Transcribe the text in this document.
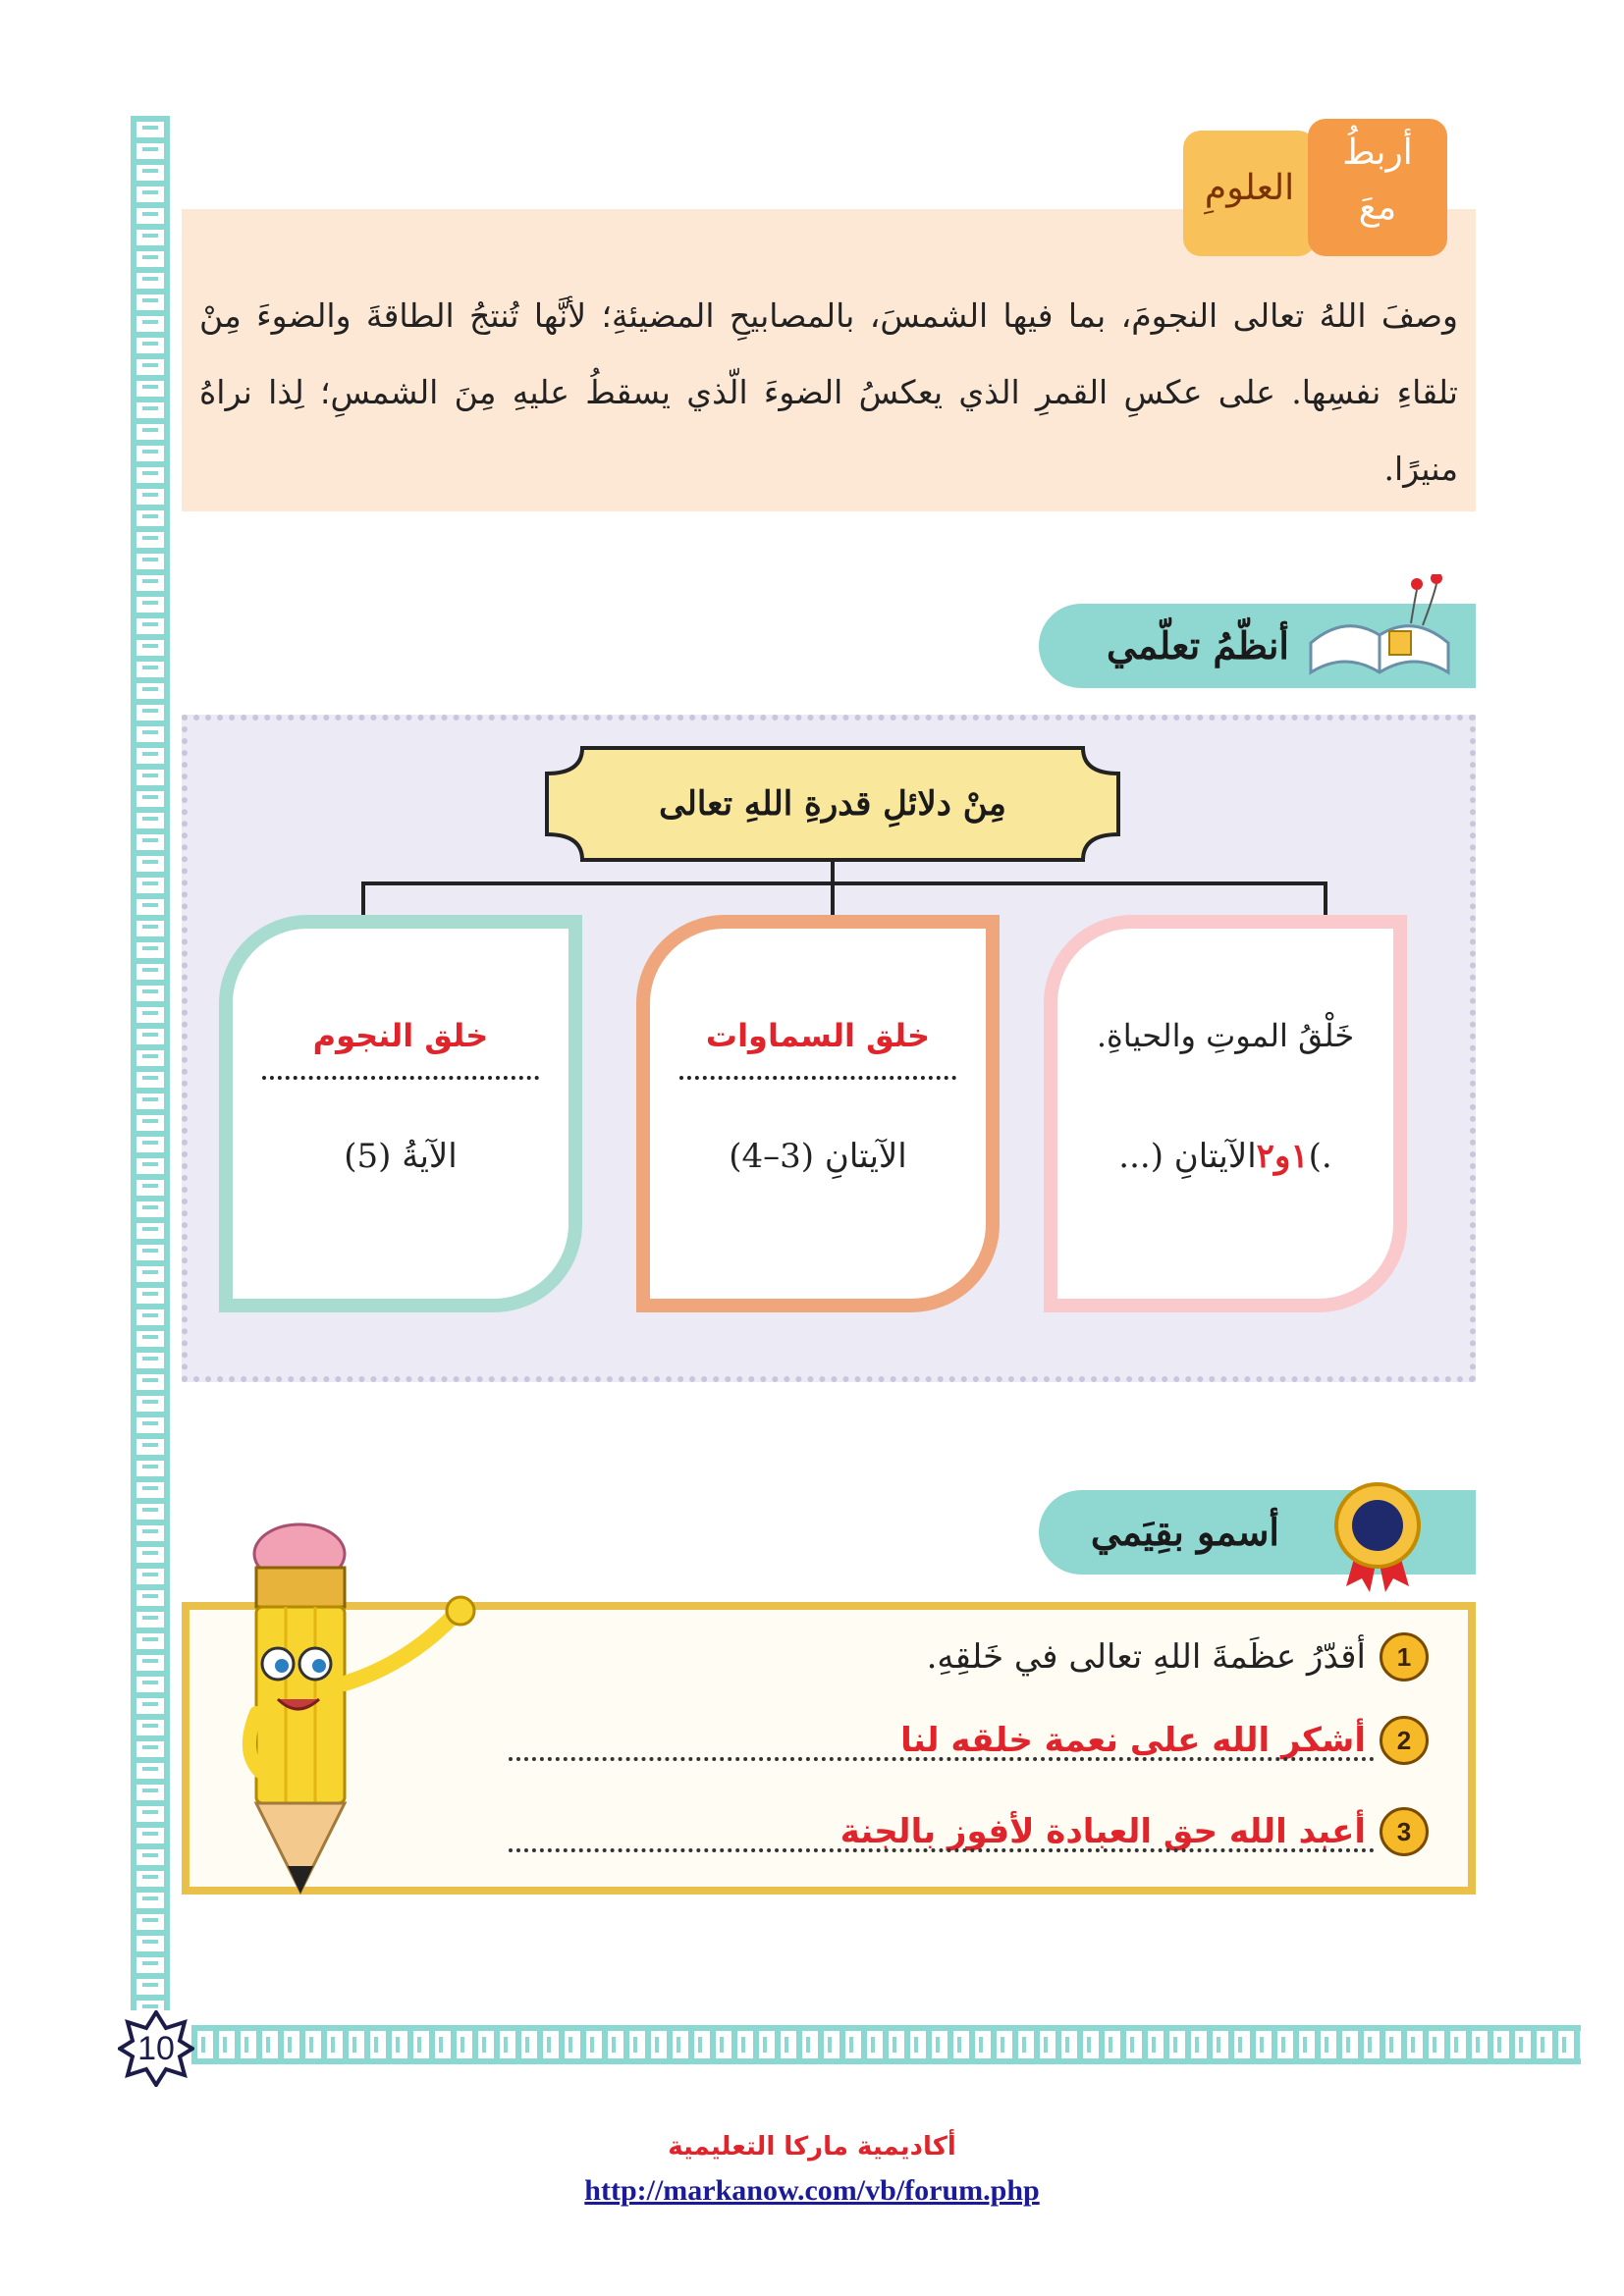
10
وصفَ اللهُ تعالى النجومَ، بما فيها الشمسَ، بالمصابيحِ المضيئةِ؛ لأنَّها تُنتجُ الطاقةَ والضوءَ مِنْ تلقاءِ نفسِها. على عكسِ القمرِ الذي يعكسُ الضوءَ الّذي يسقطُ عليهِ مِنَ الشمسِ؛ لِذا نراهُ منيرًا.
العلومِ
أربطُ
معَ
أنظّمُ تعلّمي
مِنْ دلائلِ قدرةِ اللهِ تعالى
خَلْقُ الموتِ والحياةِ.
.)١و٢الآيتانِ (...
خلق السماوات
الآيتانِ (3–4)
خلق النجوم
الآيةُ (5)
أسمو بقِيَمي
1
أقدّرُ عظَمةَ اللهِ تعالى في خَلقِهِ.
2
أشكر الله على نعمة خلقه لنا
3
أعبد الله حق العبادة لأفوز بالجنة
أكاديمية ماركا التعليمية
http://markanow.com/vb/forum.php
